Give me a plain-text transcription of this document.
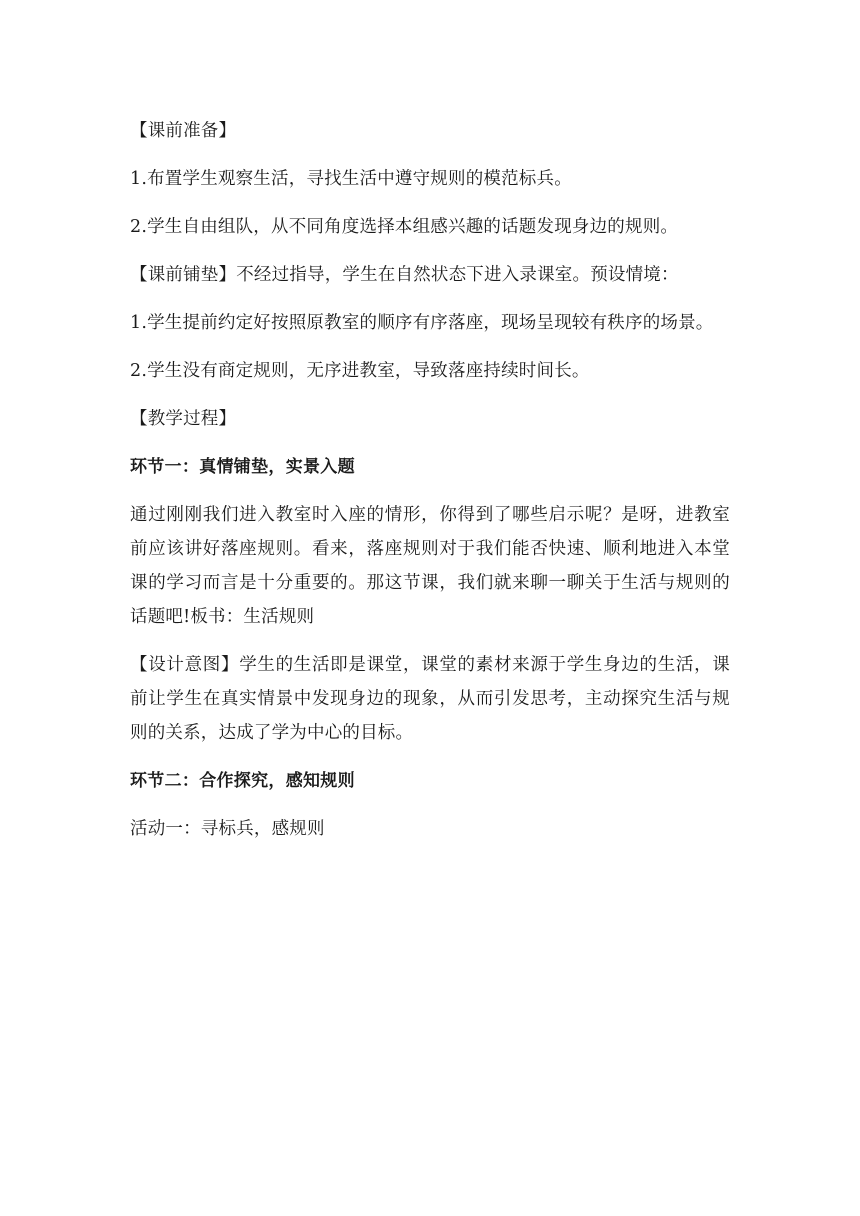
【课前准备】

1.布置学生观察生活，寻找生活中遵守规则的模范标兵。

2.学生自由组队，从不同角度选择本组感兴趣的话题发现身边的规则。

【课前铺垫】不经过指导，学生在自然状态下进入录课室。预设情境：

1.学生提前约定好按照原教室的顺序有序落座，现场呈现较有秩序的场景。

2.学生没有商定规则，无序进教室，导致落座持续时间长。

【教学过程】

环节一：真情铺垫，实景入题

通过刚刚我们进入教室时入座的情形，你得到了哪些启示呢？是呀，进教室前应该讲好落座规则。看来，落座规则对于我们能否快速、顺利地进入本堂课的学习而言是十分重要的。那这节课，我们就来聊一聊关于生活与规则的话题吧!板书：生活规则

【设计意图】学生的生活即是课堂，课堂的素材来源于学生身边的生活，课前让学生在真实情景中发现身边的现象，从而引发思考，主动探究生活与规则的关系，达成了学为中心的目标。

环节二：合作探究，感知规则

活动一：寻标兵，感规则
